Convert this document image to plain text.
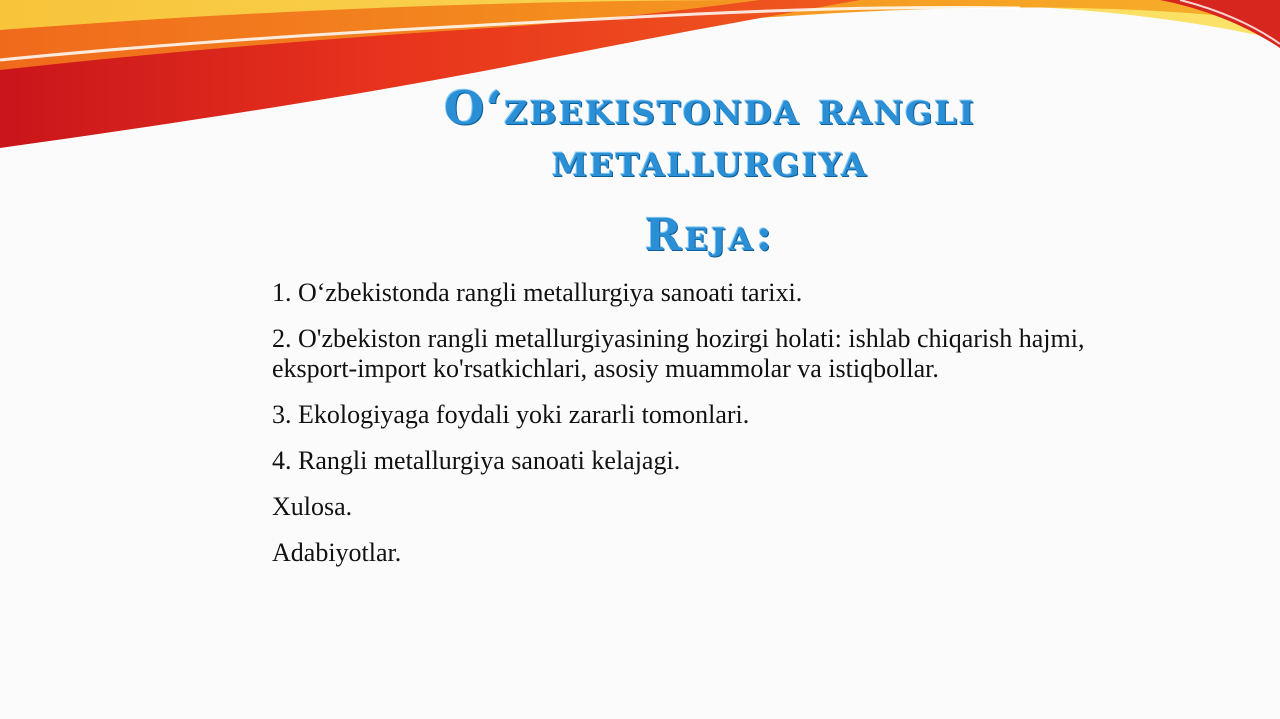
O‘zbekistonda rangli metallurgiya
Reja:
1. O‘zbekistonda rangli metallurgiya sanoati tarixi.
2. O'zbekiston rangli metallurgiyasining hozirgi holati: ishlab chiqarish hajmi, eksport-import ko'rsatkichlari, asosiy muammolar va istiqbollar.
3. Ekologiyaga foydali yoki zararli tomonlari.
4. Rangli metallurgiya sanoati kelajagi.
Xulosa.
Adabiyotlar.
